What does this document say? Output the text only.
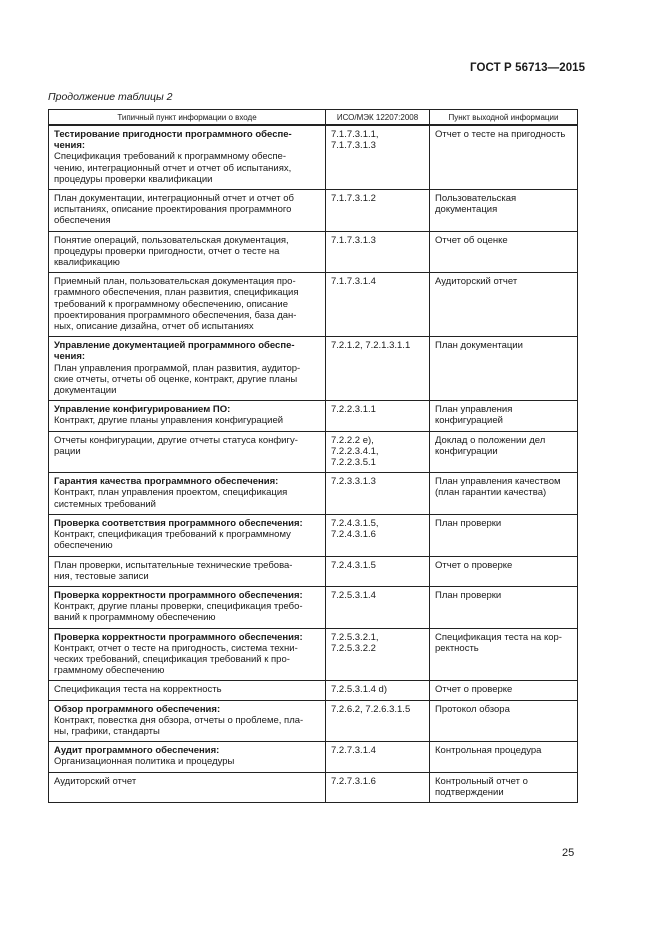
ГОСТ Р 56713—2015
Продолжение таблицы 2
Типичный пункт информации о входе	ИСО/МЭК 12207:2008	Пункт выходной информации

Тестирование пригодности программного обеспе-
чения:
Спецификация требований к программному обеспе-
чению, интеграционный отчет и отчет об испытаниях,
процедуры проверки квалификации	7.1.7.3.1.1,
7.1.7.3.1.3	Отчет о тесте на пригодность

План документации, интеграционный отчет и отчет об
испытаниях, описание проектирования программного
обеспечения	7.1.7.3.1.2	Пользовательская
документация

Понятие операций, пользовательская документация,
процедуры проверки пригодности, отчет о тесте на
квалификацию	7.1.7.3.1.3	Отчет об оценке

Приемный план, пользовательская документация про-
граммного обеспечения, план развития, спецификация
требований к программному обеспечению, описание
проектирования программного обеспечения, база дан-
ных, описание дизайна, отчет об испытаниях	7.1.7.3.1.4	Аудиторский отчет

Управление документацией программного обеспе-
чения:
План управления программой, план развития, аудитор-
ские отчеты, отчеты об оценке, контракт, другие планы
документации	7.2.1.2, 7.2.1.3.1.1	План документации

Управление конфигурированием ПО:
Контракт, другие планы управления конфигурацией	7.2.2.3.1.1	План управления
конфигурацией

Отчеты конфигурации, другие отчеты статуса конфигу-
рации	7.2.2.2 е),
7.2.2.3.4.1,
7.2.2.3.5.1	Доклад о положении дел
конфигурации

Гарантия качества программного обеспечения:
Контракт, план управления проектом, спецификация
системных требований	7.2.3.3.1.3	План управления качеством
(план гарантии качества)

Проверка соответствия программного обеспечения:
Контракт, спецификация требований к программному
обеспечению	7.2.4.3.1.5,
7.2.4.3.1.6	План проверки

План проверки, испытательные технические требова-
ния, тестовые записи	7.2.4.3.1.5	Отчет о проверке

Проверка корректности программного обеспечения:
Контракт, другие планы проверки, спецификация требо-
ваний к программному обеспечению	7.2.5.3.1.4	План проверки

Проверка корректности программного обеспечения:
Контракт, отчет о тесте на пригодность, система техни-
ческих требований, спецификация требований к про-
граммному обеспечению	7.2.5.3.2.1,
7.2.5.3.2.2	Спецификация теста на кор-
ректность

Спецификация теста на корректность	7.2.5.3.1.4 d)	Отчет о проверке

Обзор программного обеспечения:
Контракт, повестка дня обзора, отчеты о проблеме, пла-
ны, графики, стандарты	7.2.6.2, 7.2.6.3.1.5	Протокол обзора

Аудит программного обеспечения:
Организационная политика и процедуры	7.2.7.3.1.4	Контрольная процедура

Аудиторский отчет	7.2.7.3.1.6	Контрольный отчет о
подтверждении
25
